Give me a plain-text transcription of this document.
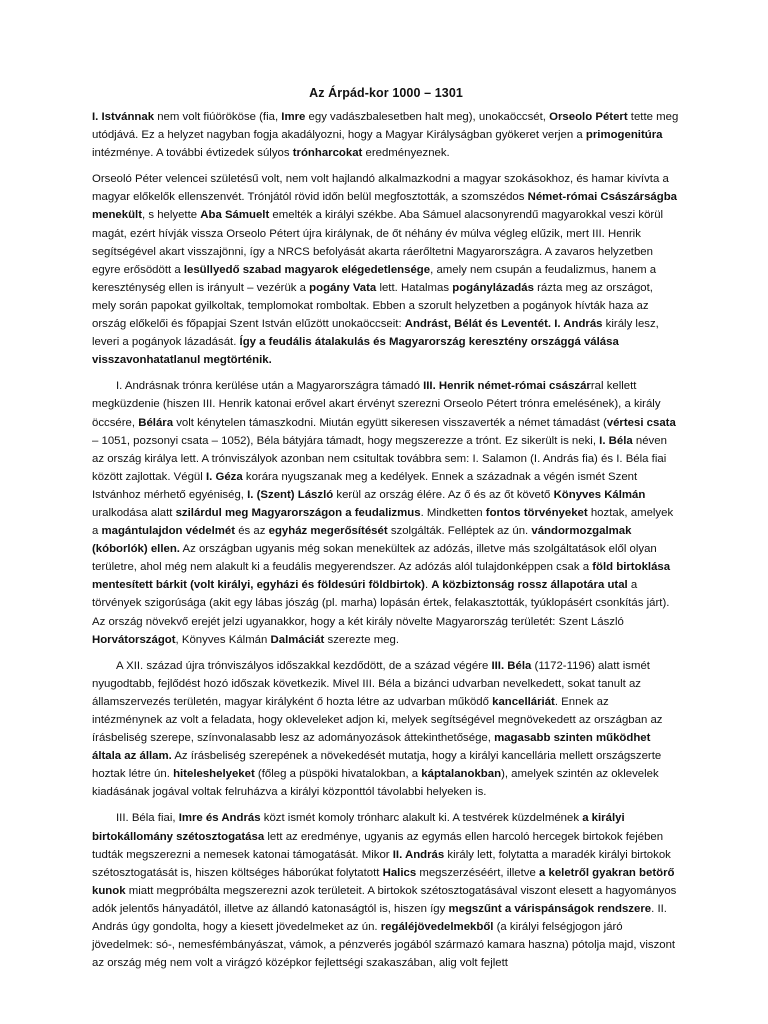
Az Árpád-kor 1000 – 1301

I. Istvánnak nem volt fiúörököse (fia, Imre egy vadászbalesetben halt meg), unokaöccsét, Orseolo Pétert tette meg utódjává. Ez a helyzet nagyban fogja akadályozni, hogy a Magyar Királyságban gyökeret verjen a primogenitúra intézménye. A további évtizedek súlyos trónharcokat eredményeznek.

Orseoló Péter velencei születésű volt, nem volt hajlandó alkalmazkodni a magyar szokásokhoz, és hamar kivívta a magyar előkelők ellenszenvét. Trónjától rövid időn belül megfosztották, a szomszédos Német-római Császárságba menekült, s helyette Aba Sámuelt emelték a királyi székbe. Aba Sámuel alacsonyrendű magyarokkal veszi körül magát, ezért hívják vissza Orseolo Pétert újra királynak, de őt néhány év múlva végleg elűzik, mert III. Henrik segítségével akart visszajönni, így a NRCS befolyását akarta ráerőltetni Magyarországra. A zavaros helyzetben egyre erősödött a lesüllyedő szabad magyarok elégedetlensége, amely nem csupán a feudalizmus, hanem a kereszténység ellen is irányult – vezérük a pogány Vata lett. Hatalmas pogánylázadás rázta meg az országot, mely során papokat gyilkoltak, templomokat romboltak. Ebben a szorult helyzetben a pogányok hívták haza az ország előkelői és főpapjai Szent István elűzött unokaöccseit: Andrást, Bélát és Leventét. I. András király lesz, leveri a pogányok lázadását. Így a feudális átalakulás és Magyarország keresztény országgá válása visszavonhatatlanul megtörténik.

I. Andrásnak trónra kerülése után a Magyarországra támadó III. Henrik német-római császárral kellett megküzdenie (hiszen III. Henrik katonai erővel akart érvényt szerezni Orseolo Pétert trónra emelésének), a király öccsére, Bélára volt kénytelen támaszkodni. Miután együtt sikeresen visszaverték a német támadást (vértesi csata – 1051, pozsonyi csata – 1052), Béla bátyjára támadt, hogy megszerezze a trónt. Ez sikerült is neki, I. Béla néven az ország királya lett. A trónviszályok azonban nem csitultak továbbra sem: I. Salamon (I. András fia) és I. Béla fiai között zajlottak. Végül I. Géza korára nyugszanak meg a kedélyek. Ennek a századnak a végén ismét Szent Istvánhoz mérhető egyéniség, I. (Szent) László kerül az ország élére. Az ő és az őt követő Könyves Kálmán uralkodása alatt szilárdul meg Magyarországon a feudalizmus. Mindketten fontos törvényeket hoztak, amelyek a magántulajdon védelmét és az egyház megerősítését szolgálták. Felléptek az ún. vándormozgalmak (kóborlók) ellen. Az országban ugyanis még sokan menekültek az adózás, illetve más szolgáltatások elől olyan területre, ahol még nem alakult ki a feudális megyerendszer. Az adózás alól tulajdonképpen csak a föld birtoklása mentesített bárkit (volt királyi, egyházi és földesúri földbirtok). A közbiztonság rossz állapotára utal a törvények szigorúsága (akit egy lábas jószág (pl. marha) lopásán értek, felakasztották, tyúklopásért csonkítás járt). Az ország növekvő erejét jelzi ugyanakkor, hogy a két király növelte Magyarország területét: Szent László Horvátországot, Könyves Kálmán Dalmáciát szerezte meg.

A XII. század újra trónviszályos időszakkal kezdődött, de a század végére III. Béla (1172-1196) alatt ismét nyugodtabb, fejlődést hozó időszak következik. Mivel III. Béla a bizánci udvarban nevelkedett, sokat tanult az államszervezés területén, magyar királyként ő hozta létre az udvarban működő kancelláriát. Ennek az intézménynek az volt a feladata, hogy okleveleket adjon ki, melyek segítségével megnövekedett az országban az írásbeliség szerepe, színvonalasabb lesz az adományozások áttekinthetősége, magasabb szinten működhet általa az állam. Az írásbeliség szerepének a növekedését mutatja, hogy a királyi kancellária mellett országszerte hoztak létre ún. hiteleshelyeket (főleg a püspöki hivatalokban, a káptalanokban), amelyek szintén az oklevelek kiadásának jogával voltak felruházva a királyi központtól távolabbi helyeken is.

III. Béla fiai, Imre és András közt ismét komoly trónharc alakult ki. A testvérek küzdelmének a királyi birtokállomány szétosztogatása lett az eredménye, ugyanis az egymás ellen harcoló hercegek birtokok fejében tudták megszerezni a nemesek katonai támogatását. Mikor II. András király lett, folytatta a maradék királyi birtokok szétosztogatását is, hiszen költséges háborúkat folytatott Halics megszerzéséért, illetve a keletről gyakran betörő kunok miatt megpróbálta megszerezni azok területeit. A birtokok szétosztogatásával viszont elesett a hagyományos adók jelentős hányadától, illetve az állandó katonaságtól is, hiszen így megszűnt a várispánságok rendszere. II. András úgy gondolta, hogy a kiesett jövedelmeket az ún. regáléjövedelmekből (a királyi felségjogon járó jövedelmek: só-, nemesfémbányászat, vámok, a pénzverés jogából származó kamara haszna) pótolja majd, viszont az ország még nem volt a virágzó középkor fejlettségi szakaszában, alig volt fejlett
